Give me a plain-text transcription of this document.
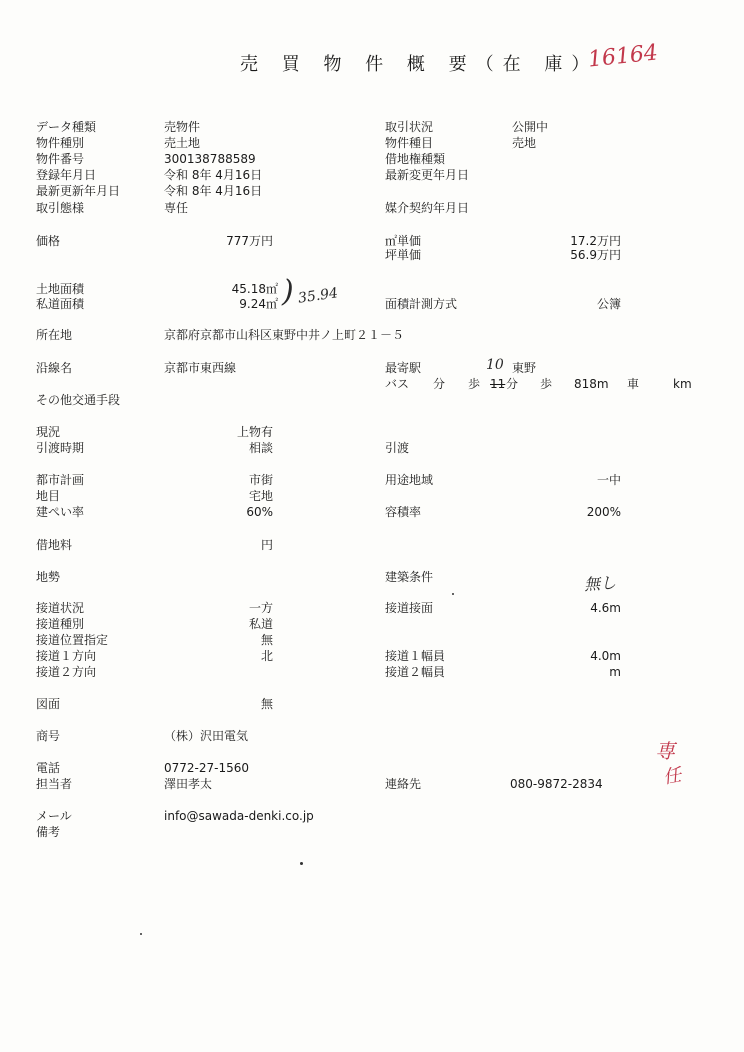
売 買 物 件 概 要（在 庫）
16164
データ種類	売物件
物件種別	売土地
物件番号	300138788589
登録年月日	令和 8年 4月16日
最新更新年月日	令和 8年 4月16日
取引態様	専任
取引状況	公開中
物件種目	売地
借地権種類
最新変更年月日
媒介契約年月日
価格	777万円	㎡単価	17.2万円
坪単価	56.9万円
土地面積	45.18㎡
私道面積	9.24㎡ ) 35.94	面積計測方式	公簿
所在地	京都府京都市山科区東野中井ノ上町２１－５
沿線名	京都市東西線	最寄駅	10 東野
バス 分 歩 11 分 歩 818m 車	km
その他交通手段
現況	上物有
引渡時期	相談	引渡
都市計画	市街
地目	宅地
建ぺい率	60%
用途地域	一中
容積率	200%
借地料	円
地勢	建築条件	無し
接道状況	一方
接道種別	私道
接道位置指定	無
接道１方向	北
接道２方向
接道接面	4.6m
接道１幅員	4.0m
接道２幅員	m
図面	無
商号	（株）沢田電気
電話	0772-27-1560
担当者	澤田孝太	連絡先	080-9872-2834
メール	info@sawada-denki.co.jp
備考
専
任
